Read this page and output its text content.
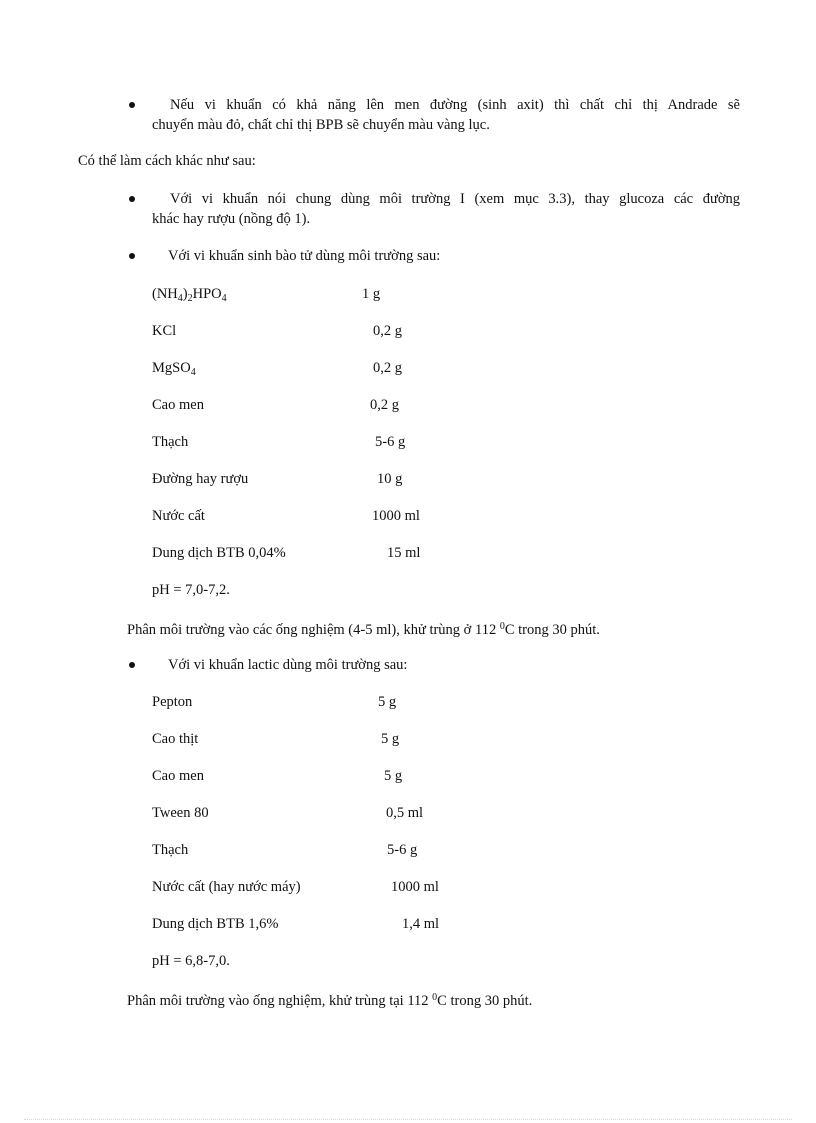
Nếu vi khuẩn có khả năng lên men đường (sinh axit) thì chất chỉ thị Andrade sẽ
chuyển màu đỏ, chất chỉ thị BPB sẽ chuyển màu vàng lục.
Có thể làm cách khác như sau:
Với vi khuẩn nói chung dùng môi trường I (xem mục 3.3), thay glucoza các đường
khác hay rượu (nồng độ 1).
Với vi khuẩn sinh bào tử dùng môi trường sau:
$(NH_4)_2HPO_4$	1 g
KCl	0,2 g
MgSO$_4$	0,2 g
Cao men	0,2 g
Thạch	5-6 g
Đường hay rượu	10 g
Nước cất	1000 ml
Dung dịch BTB 0,04%	15 ml
pH = 7,0-7,2.
Phân môi trường vào các ống nghiệm (4-5 ml), khử trùng ở 112 $^0$C trong 30 phút.
Với vi khuẩn lactic dùng môi trường sau:
Pepton	5 g
Cao thịt	5 g
Cao men	5 g
Tween 80	0,5 ml
Thạch	5-6 g
Nước cất (hay nước máy)	1000 ml
Dung dịch BTB 1,6%	1,4 ml
pH = 6,8-7,0.
Phân môi trường vào ống nghiệm, khử trùng tại 112 $^0$C trong 30 phút.
